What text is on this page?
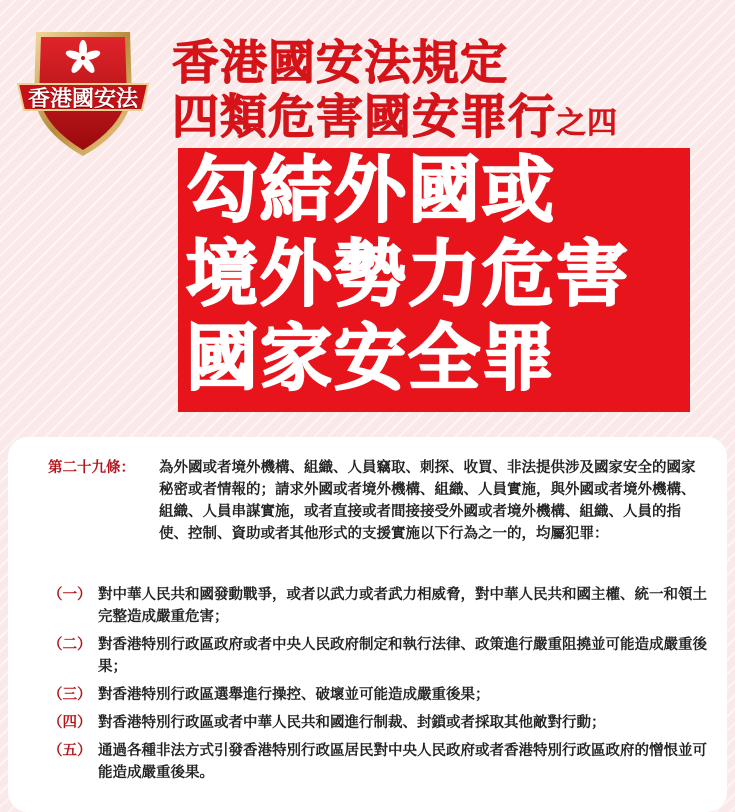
香港國安法
香港國安法規定
四類危害國安罪行之四
勾結外國或
境外勢力危害
國家安全罪
第二十九條： 為外國或者境外機構、組織、人員竊取、刺探、收買、非法提供涉及國家安全的國家秘密或者情報的；請求外國或者境外機構、組織、人員實施，與外國或者境外機構、組織、人員串謀實施，或者直接或者間接接受外國或者境外機構、組織、人員的指使、控制、資助或者其他形式的支援實施以下行為之一的，均屬犯罪：
（一） 對中華人民共和國發動戰爭，或者以武力或者武力相威脅，對中華人民共和國主權、統一和領土完整造成嚴重危害；
（二） 對香港特別行政區政府或者中央人民政府制定和執行法律、政策進行嚴重阻撓並可能造成嚴重後果；
（三） 對香港特別行政區選舉進行操控、破壞並可能造成嚴重後果；
（四） 對香港特別行政區或者中華人民共和國進行制裁、封鎖或者採取其他敵對行動；
（五） 通過各種非法方式引發香港特別行政區居民對中央人民政府或者香港特別行政區政府的憎恨並可能造成嚴重後果。
